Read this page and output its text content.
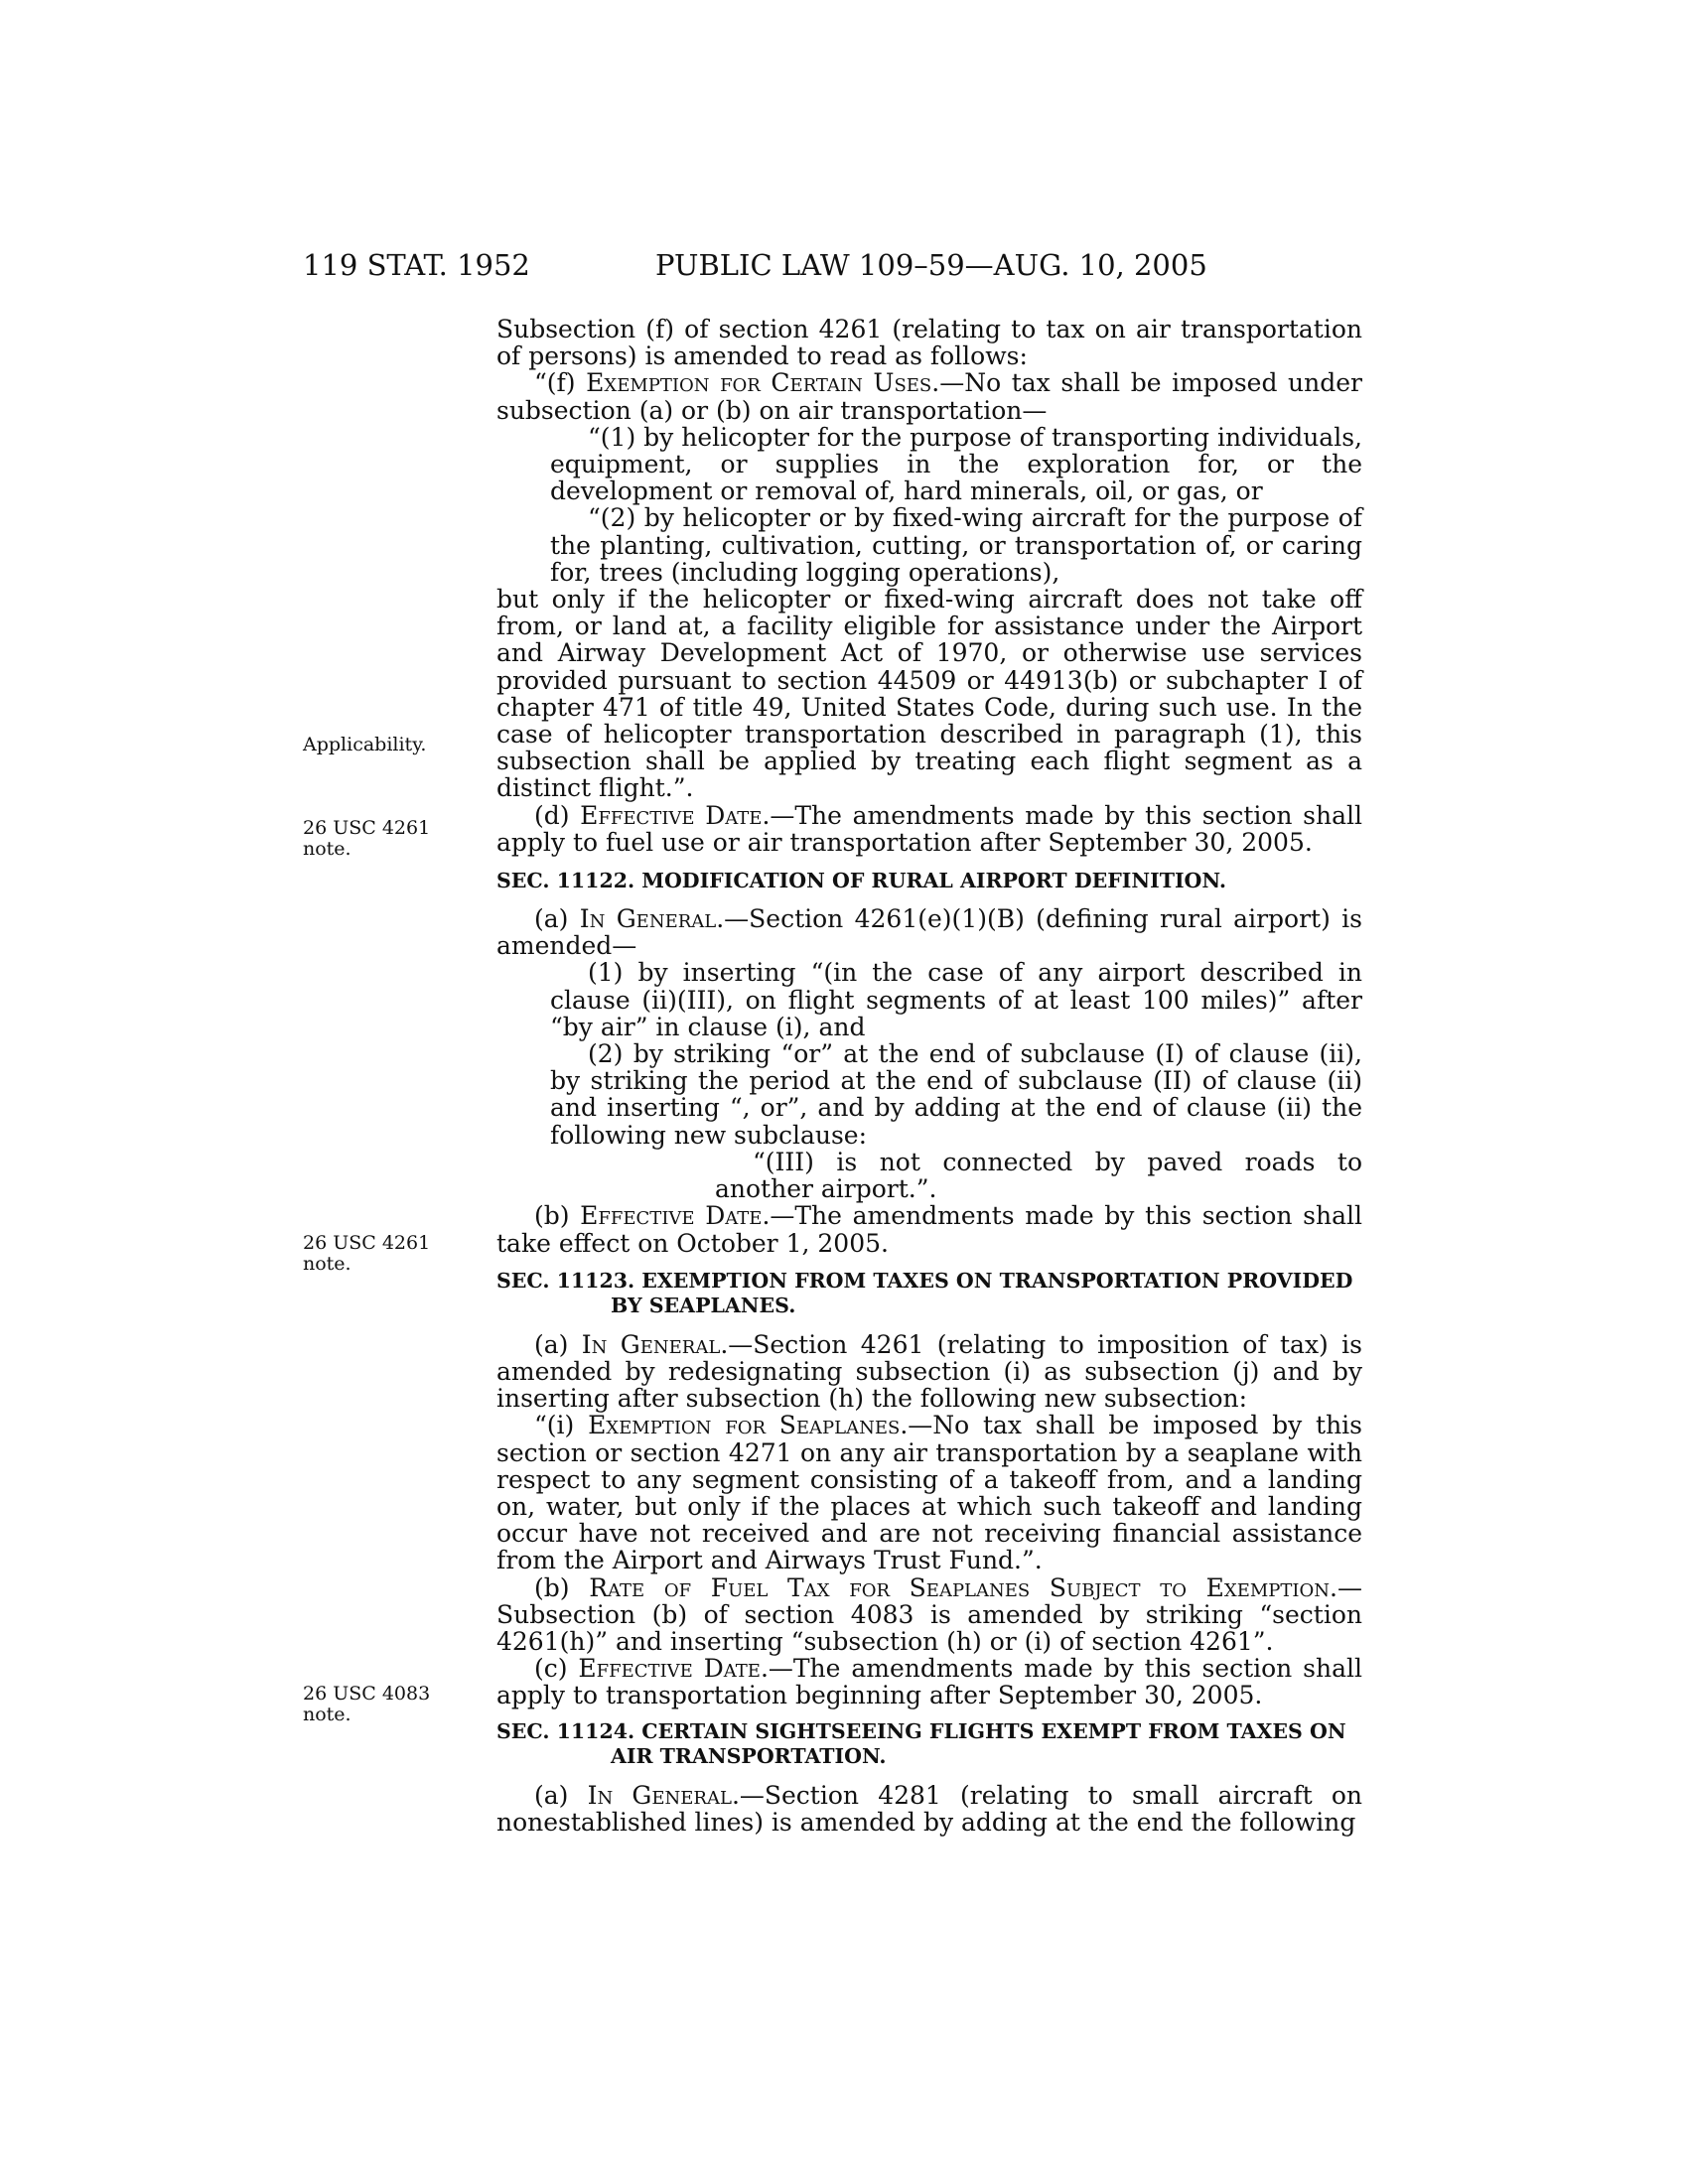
119 STAT. 1952	PUBLIC LAW 109–59—AUG. 10, 2005
Applicability.
26 USC 4261
note.
26 USC 4261
note.
26 USC 4083
note.

Subsection (f) of section 4261 (relating to tax on air transportation of persons) is amended to read as follows:

“(f) Exemption for Certain Uses.—No tax shall be imposed under subsection (a) or (b) on air transportation—

“(1) by helicopter for the purpose of transporting individuals, equipment, or supplies in the exploration for, or the development or removal of, hard minerals, oil, or gas, or

“(2) by helicopter or by fixed-wing aircraft for the purpose of the planting, cultivation, cutting, or transportation of, or caring for, trees (including logging operations),

but only if the helicopter or fixed-wing aircraft does not take off from, or land at, a facility eligible for assistance under the Airport and Airway Development Act of 1970, or otherwise use services provided pursuant to section 44509 or 44913(b) or subchapter I of chapter 471 of title 49, United States Code, during such use. In the case of helicopter transportation described in paragraph (1), this subsection shall be applied by treating each flight segment as a distinct flight.”.

(d) Effective Date.—The amendments made by this section shall apply to fuel use or air transportation after September 30, 2005.

SEC. 11122. MODIFICATION OF RURAL AIRPORT DEFINITION.

(a) In General.—Section 4261(e)(1)(B) (defining rural airport) is amended—

(1) by inserting “(in the case of any airport described in clause (ii)(III), on flight segments of at least 100 miles)” after “by air” in clause (i), and

(2) by striking “or” at the end of subclause (I) of clause (ii), by striking the period at the end of subclause (II) of clause (ii) and inserting “, or”, and by adding at the end of clause (ii) the following new subclause:

“(III) is not connected by paved roads to another airport.”.

(b) Effective Date.—The amendments made by this section shall take effect on October 1, 2005.

SEC. 11123. EXEMPTION FROM TAXES ON TRANSPORTATION PROVIDED BY SEAPLANES.

(a) In General.—Section 4261 (relating to imposition of tax) is amended by redesignating subsection (i) as subsection (j) and by inserting after subsection (h) the following new subsection:

“(i) Exemption for Seaplanes.—No tax shall be imposed by this section or section 4271 on any air transportation by a seaplane with respect to any segment consisting of a takeoff from, and a landing on, water, but only if the places at which such takeoff and landing occur have not received and are not receiving financial assistance from the Airport and Airways Trust Fund.”.

(b) Rate of Fuel Tax for Seaplanes Subject to Exemption.—Subsection (b) of section 4083 is amended by striking “section 4261(h)” and inserting “subsection (h) or (i) of section 4261”.

(c) Effective Date.—The amendments made by this section shall apply to transportation beginning after September 30, 2005.

SEC. 11124. CERTAIN SIGHTSEEING FLIGHTS EXEMPT FROM TAXES ON AIR TRANSPORTATION.

(a) In General.—Section 4281 (relating to small aircraft on nonestablished lines) is amended by adding at the end the following
